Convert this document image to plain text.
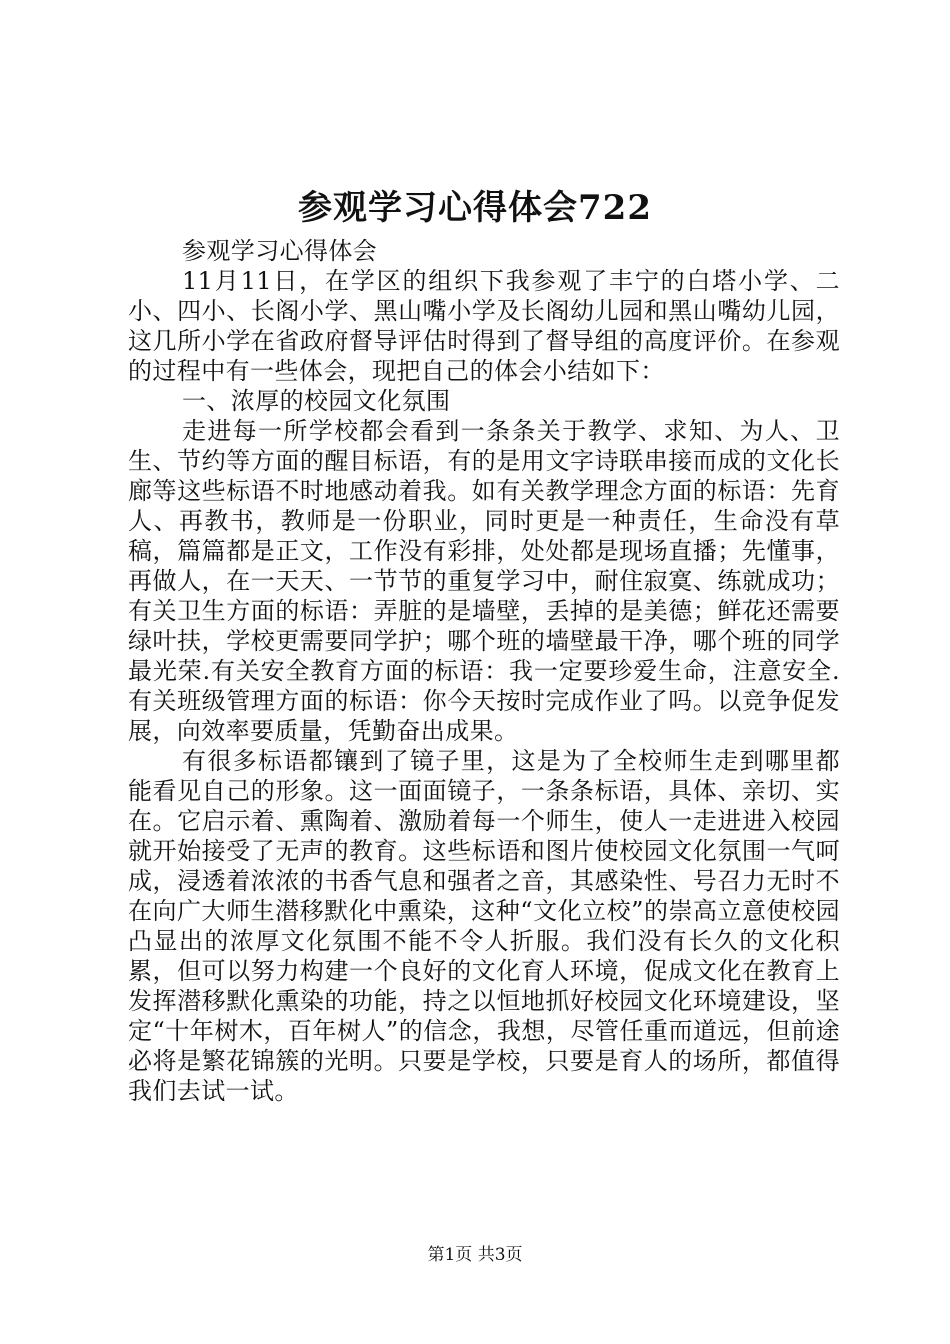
参观学习心得体会722

参观学习心得体会

11月11日，在学区的组织下我参观了丰宁的白塔小学、二小、四小、长阁小学、黑山嘴小学及长阁幼儿园和黑山嘴幼儿园，这几所小学在省政府督导评估时得到了督导组的高度评价。在参观的过程中有一些体会，现把自己的体会小结如下：

一、浓厚的校园文化氛围

走进每一所学校都会看到一条条关于教学、求知、为人、卫生、节约等方面的醒目标语，有的是用文字诗联串接而成的文化长廊等这些标语不时地感动着我。如有关教学理念方面的标语：先育人、再教书，教师是一份职业，同时更是一种责任，生命没有草稿，篇篇都是正文，工作没有彩排，处处都是现场直播；先懂事，再做人，在一天天、一节节的重复学习中，耐住寂寞、练就成功；有关卫生方面的标语：弄脏的是墙壁，丢掉的是美德；鲜花还需要绿叶扶，学校更需要同学护；哪个班的墙壁最干净，哪个班的同学最光荣.有关安全教育方面的标语：我一定要珍爱生命，注意安全.有关班级管理方面的标语：你今天按时完成作业了吗。以竞争促发展，向效率要质量，凭勤奋出成果。

有很多标语都镶到了镜子里，这是为了全校师生走到哪里都能看见自己的形象。这一面面镜子，一条条标语，具体、亲切、实在。它启示着、熏陶着、激励着每一个师生，使人一走进进入校园就开始接受了无声的教育。这些标语和图片使校园文化氛围一气呵成，浸透着浓浓的书香气息和强者之音，其感染性、号召力无时不在向广大师生潜移默化中熏染，这种“文化立校”的崇高立意使校园凸显出的浓厚文化氛围不能不令人折服。我们没有长久的文化积累，但可以努力构建一个良好的文化育人环境，促成文化在教育上发挥潜移默化熏染的功能，持之以恒地抓好校园文化环境建设，坚定“十年树木，百年树人”的信念，我想，尽管任重而道远，但前途必将是繁花锦簇的光明。只要是学校，只要是育人的场所，都值得我们去试一试。

第1页 共3页
